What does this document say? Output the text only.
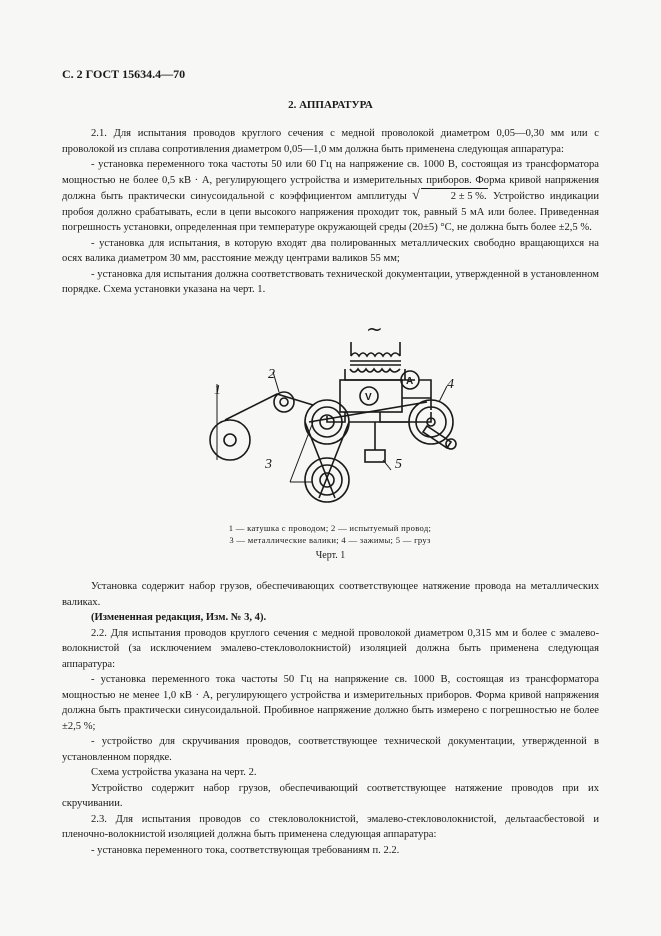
С. 2 ГОСТ 15634.4—70
2. АППАРАТУРА

2.1. Для испытания проводов круглого сечения с медной проволокой диаметром 0,05—0,30 мм или с проволокой из сплава сопротивления диаметром 0,05—1,0 мм должна быть применена следующая аппаратура:

- установка переменного тока частоты 50 или 60 Гц на напряжение св. 1000 В, состоящая из трансформатора мощностью не более 0,5 кВ · А, регулирующего устройства и измерительных приборов. Форма кривой напряжения должна быть практически синусоидальной с коэффициентом амплитуды √	2 ± 5 %. Устройство индикации пробоя должно срабатывать, если в цепи высокого напряжения проходит ток, равный 5 мА или более. Приведенная погрешность установки, определенная при температуре окружающей среды (20±5) °С, не должна быть более ±2,5 %.

- установка для испытания, в которую входят два полированных металлических свободно вращающихся на осях валика диаметром 30 мм, расстояние между центрами валиков 55 мм;

- установка для испытания должна соответствовать технической документации, утвержденной в установленном порядке. Схема установки указана на черт. 1.

~
1
2
3
4
5
V
A
1 — катушка с проводом; 2 — испытуемый провод;
3 — металлические валики; 4 — зажимы; 5 — груз
Черт. 1

Установка содержит набор грузов, обеспечивающих соответствующее натяжение провода на металлических валиках.

(Измененная редакция, Изм. № 3, 4).

2.2. Для испытания проводов круглого сечения с медной проволокой диаметром 0,315 мм и более с эмалево-волокнистой (за исключением эмалево-стекловолокнистой) изоляцией должна быть применена следующая аппаратура:

- установка переменного тока частоты 50 Гц на напряжение св. 1000 В, состоящая из трансформатора мощностью не менее 1,0 кВ · А, регулирующего устройства и измерительных приборов. Форма кривой напряжения должна быть практически синусоидальной. Пробивное напряжение должно быть измерено с погрешностью не более ±2,5 %;

- устройство для скручивания проводов, соответствующее технической документации, утвержденной в установленном порядке.

Схема устройства указана на черт. 2.

Устройство содержит набор грузов, обеспечивающий соответствующее натяжение проводов при их скручивании.

2.3. Для испытания проводов со стекловолокнистой, эмалево-стекловолокнистой, дельтаасбестовой и пленочно-волокнистой изоляцией должна быть применена следующая аппаратура:

- установка переменного тока, соответствующая требованиям п. 2.2.
